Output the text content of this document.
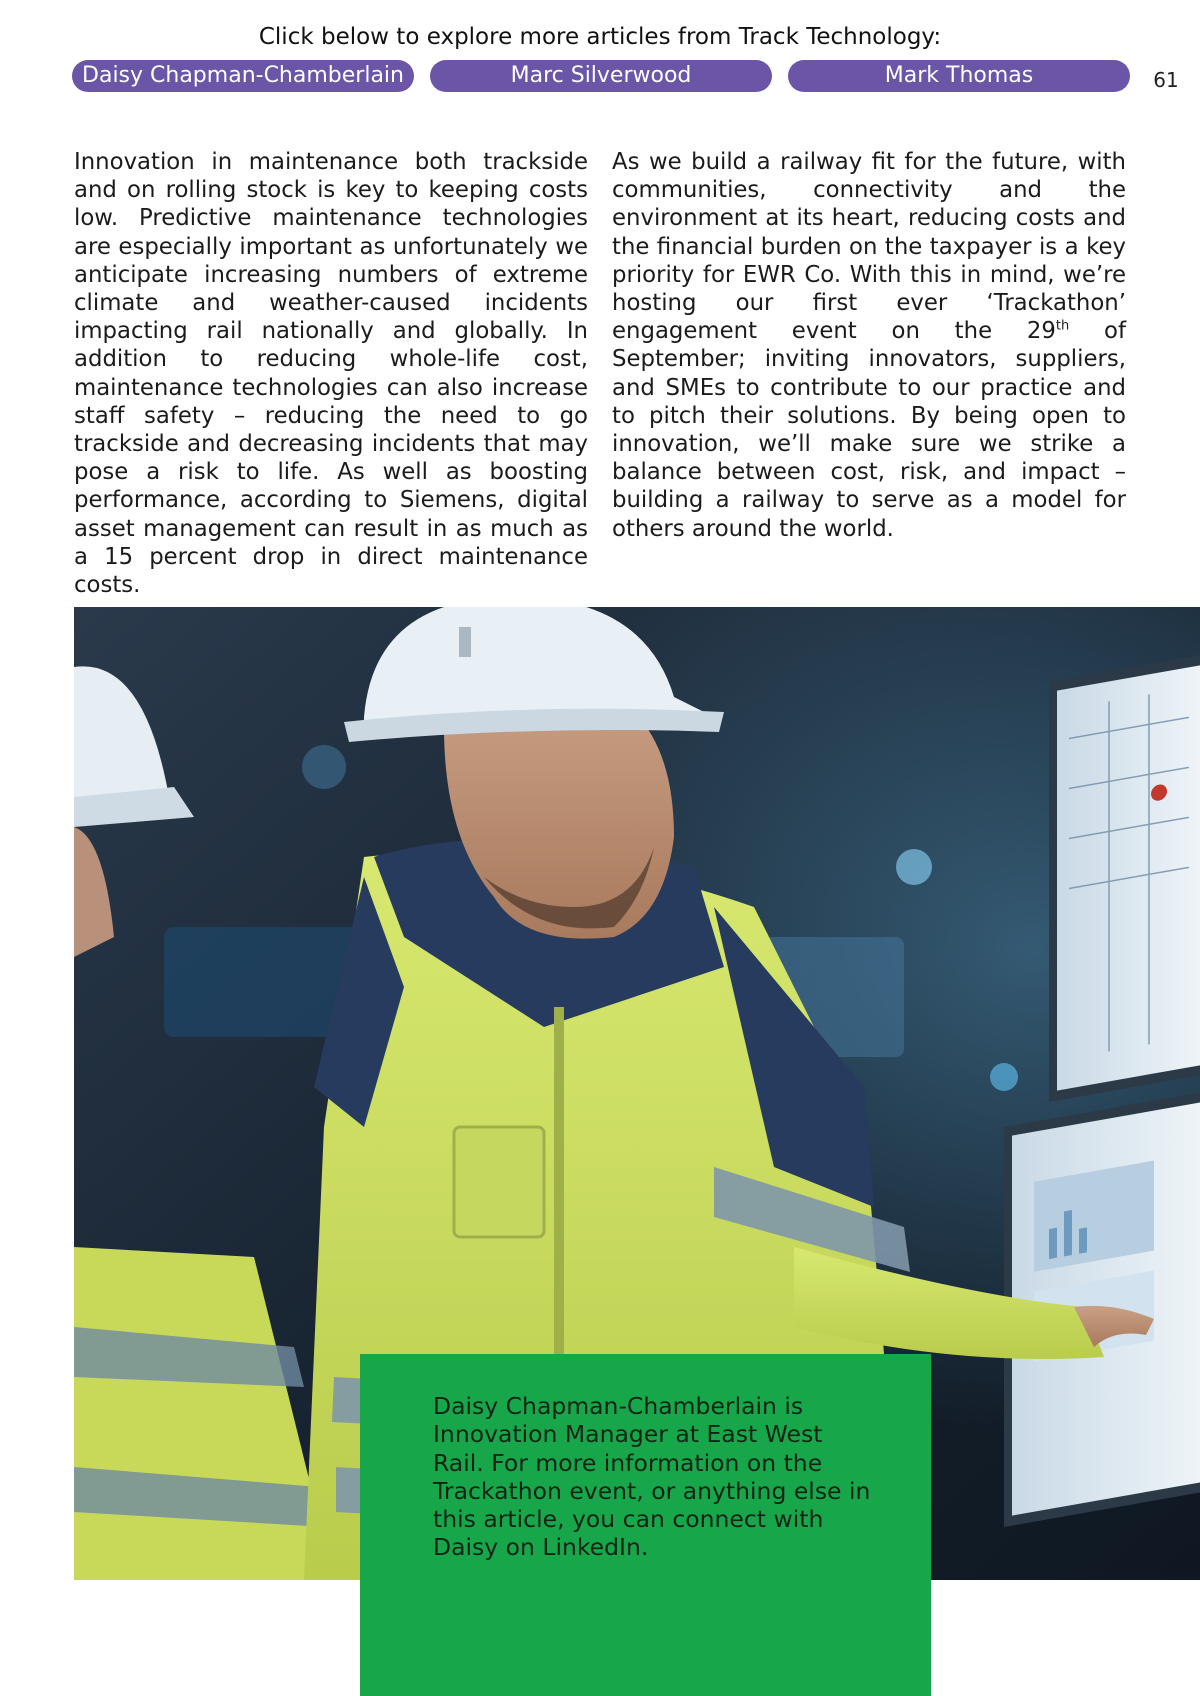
Click below to explore more articles from Track Technology:
Daisy Chapman-Chamberlain	Marc Silverwood	Mark Thomas	61

Innovation in maintenance both trackside and on rolling stock is key to keeping costs low. Predictive maintenance technologies are especially important as unfortunately we anticipate increasing numbers of extreme climate and weather-caused incidents impacting rail nationally and globally. In addition to reducing whole-life cost, maintenance technologies can also increase staff safety – reducing the need to go trackside and decreasing incidents that may pose a risk to life. As well as boosting performance, according to Siemens, digital asset management can result in as much as a 15 percent drop in direct maintenance costs.

As we build a railway fit for the future, with communities, connectivity and the environment at its heart, reducing costs and the financial burden on the taxpayer is a key priority for EWR Co. With this in mind, we’re hosting our first ever ‘Trackathon’ engagement event on the 29th of September; inviting innovators, suppliers, and SMEs to contribute to our practice and to pitch their solutions. By being open to innovation, we’ll make sure we strike a balance between cost, risk, and impact – building a railway to serve as a model for others around the world.

Daisy Chapman-Chamberlain is Innovation Manager at East West Rail. For more information on the Trackathon event, or anything else in this article, you can connect with Daisy on LinkedIn.
